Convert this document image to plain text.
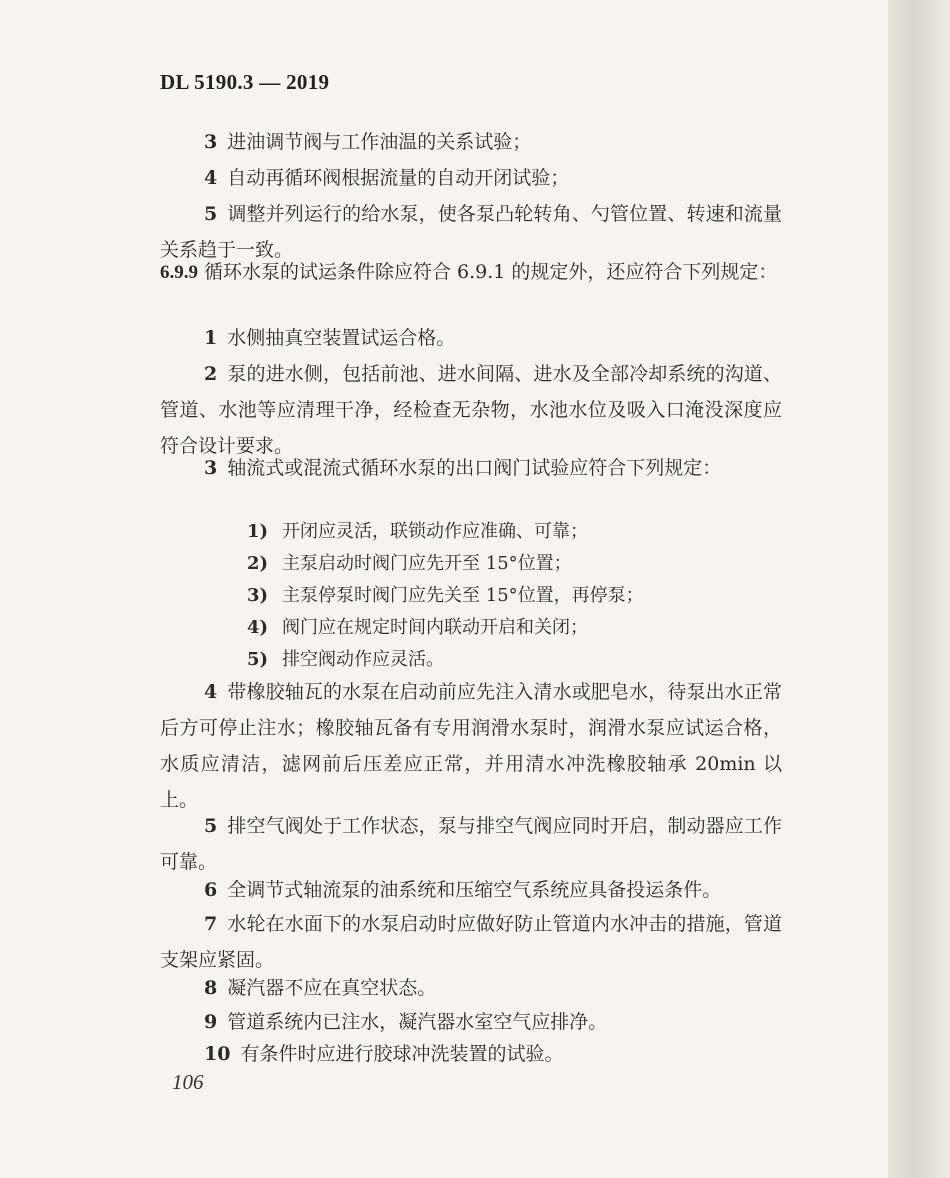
DL 5190.3 — 2019

3 进油调节阀与工作油温的关系试验；

4 自动再循环阀根据流量的自动开闭试验；

5 调整并列运行的给水泵，使各泵凸轮转角、勺管位置、转速和流量关系趋于一致。

6.9.9 循环水泵的试运条件除应符合 6.9.1 的规定外，还应符合下列规定：

1 水侧抽真空装置试运合格。

2 泵的进水侧，包括前池、进水间隔、进水及全部冷却系统的沟道、管道、水池等应清理干净，经检查无杂物，水池水位及吸入口淹没深度应符合设计要求。

3 轴流式或混流式循环水泵的出口阀门试验应符合下列规定：

1) 开闭应灵活，联锁动作应准确、可靠；

2) 主泵启动时阀门应先开至 15°位置；

3) 主泵停泵时阀门应先关至 15°位置，再停泵；

4) 阀门应在规定时间内联动开启和关闭；

5) 排空阀动作应灵活。

4 带橡胶轴瓦的水泵在启动前应先注入清水或肥皂水，待泵出水正常后方可停止注水；橡胶轴瓦备有专用润滑水泵时，润滑水泵应试运合格，水质应清洁，滤网前后压差应正常，并用清水冲洗橡胶轴承 20min 以上。

5 排空气阀处于工作状态，泵与排空气阀应同时开启，制动器应工作可靠。

6 全调节式轴流泵的油系统和压缩空气系统应具备投运条件。

7 水轮在水面下的水泵启动时应做好防止管道内水冲击的措施，管道支架应紧固。

8 凝汽器不应在真空状态。

9 管道系统内已注水，凝汽器水室空气应排净。

10 有条件时应进行胶球冲洗装置的试验。

106
